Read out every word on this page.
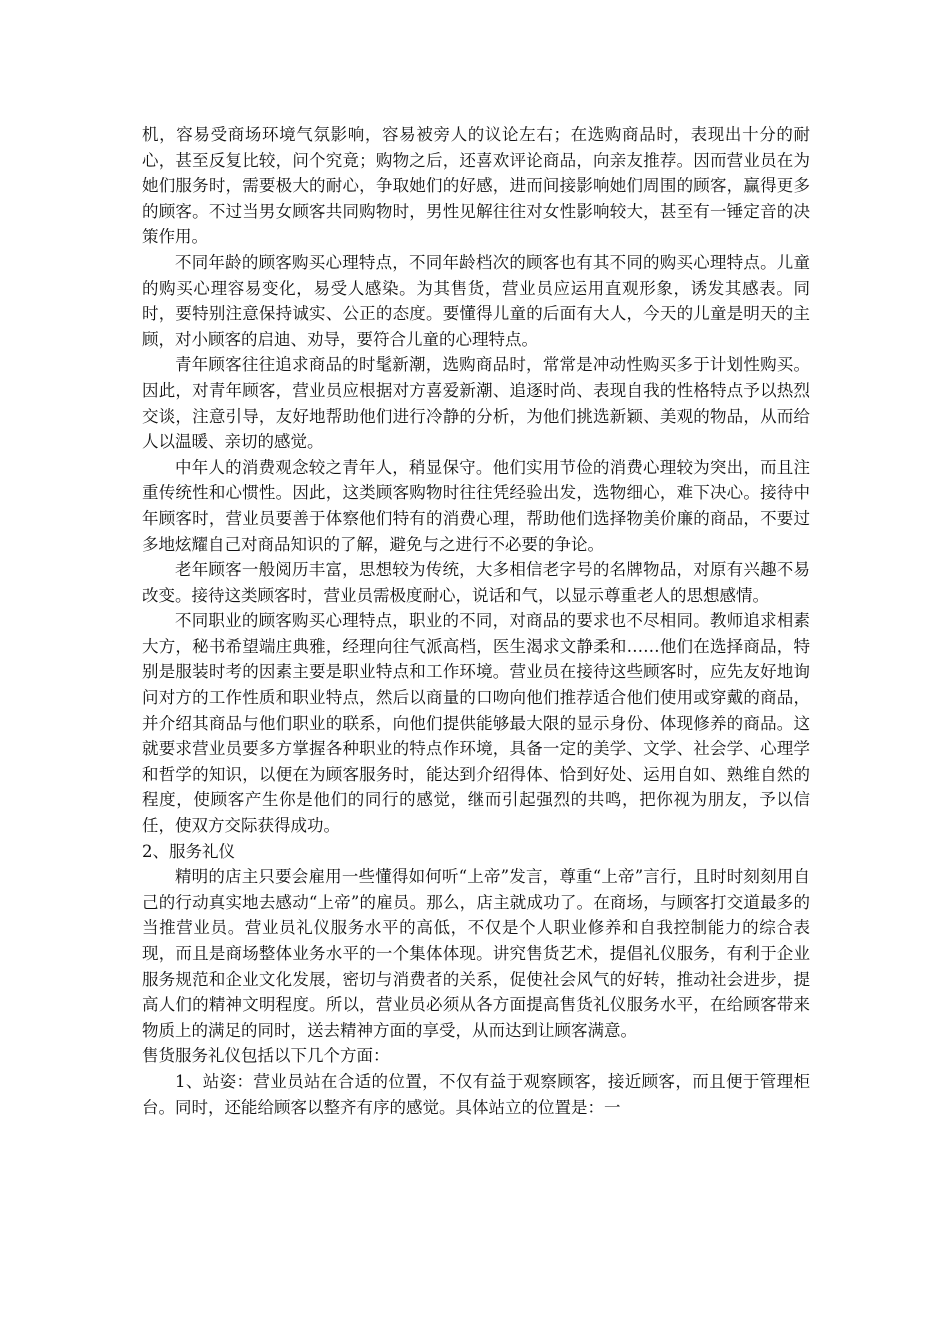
机，容易受商场环境气氛影响，容易被旁人的议论左右；在选购商品时，表现出十分的耐心，甚至反复比较，问个究竟；购物之后，还喜欢评论商品，向亲友推荐。因而营业员在为她们服务时，需要极大的耐心，争取她们的好感，进而间接影响她们周围的顾客，赢得更多的顾客。不过当男女顾客共同购物时，男性见解往往对女性影响较大，甚至有一锤定音的决策作用。

不同年龄的顾客购买心理特点，不同年龄档次的顾客也有其不同的购买心理特点。儿童的购买心理容易变化，易受人感染。为其售货，营业员应运用直观形象，诱发其感表。同时，要特别注意保持诚实、公正的态度。要懂得儿童的后面有大人，今天的儿童是明天的主顾，对小顾客的启迪、劝导，要符合儿童的心理特点。

青年顾客往往追求商品的时髦新潮，选购商品时，常常是冲动性购买多于计划性购买。因此，对青年顾客，营业员应根据对方喜爱新潮、追逐时尚、表现自我的性格特点予以热烈交谈，注意引导，友好地帮助他们进行冷静的分析，为他们挑选新颖、美观的物品，从而给人以温暖、亲切的感觉。

中年人的消费观念较之青年人，稍显保守。他们实用节俭的消费心理较为突出，而且注重传统性和心惯性。因此，这类顾客购物时往往凭经验出发，选物细心，难下决心。接待中年顾客时，营业员要善于体察他们特有的消费心理，帮助他们选择物美价廉的商品，不要过多地炫耀自己对商品知识的了解，避免与之进行不必要的争论。

老年顾客一般阅历丰富，思想较为传统，大多相信老字号的名牌物品，对原有兴趣不易改变。接待这类顾客时，营业员需极度耐心，说话和气，以显示尊重老人的思想感情。

不同职业的顾客购买心理特点，职业的不同，对商品的要求也不尽相同。教师追求相素大方，秘书希望端庄典雅，经理向往气派高档，医生渴求文静柔和……他们在选择商品，特别是服装时考的因素主要是职业特点和工作环境。营业员在接待这些顾客时，应先友好地询问对方的工作性质和职业特点，然后以商量的口吻向他们推荐适合他们使用或穿戴的商品，并介绍其商品与他们职业的联系，向他们提供能够最大限的显示身份、体现修养的商品。这就要求营业员要多方掌握各种职业的特点作环境，具备一定的美学、文学、社会学、心理学和哲学的知识，以便在为顾客服务时，能达到介绍得体、恰到好处、运用自如、熟维自然的程度，使顾客产生你是他们的同行的感觉，继而引起强烈的共鸣，把你视为朋友，予以信任，使双方交际获得成功。

2、服务礼仪

精明的店主只要会雇用一些懂得如何听“上帝”发言，尊重“上帝”言行，且时时刻刻用自己的行动真实地去感动“上帝”的雇员。那么，店主就成功了。在商场，与顾客打交道最多的当推营业员。营业员礼仪服务水平的高低，不仅是个人职业修养和自我控制能力的综合表现，而且是商场整体业务水平的一个集体体现。讲究售货艺术，提倡礼仪服务，有利于企业服务规范和企业文化发展，密切与消费者的关系，促使社会风气的好转，推动社会进步，提高人们的精神文明程度。所以，营业员必须从各方面提高售货礼仪服务水平，在给顾客带来物质上的满足的同时，送去精神方面的享受，从而达到让顾客满意。

售货服务礼仪包括以下几个方面：

1、站姿：营业员站在合适的位置，不仅有益于观察顾客，接近顾客，而且便于管理柜台。同时，还能给顾客以整齐有序的感觉。具体站立的位置是：一
